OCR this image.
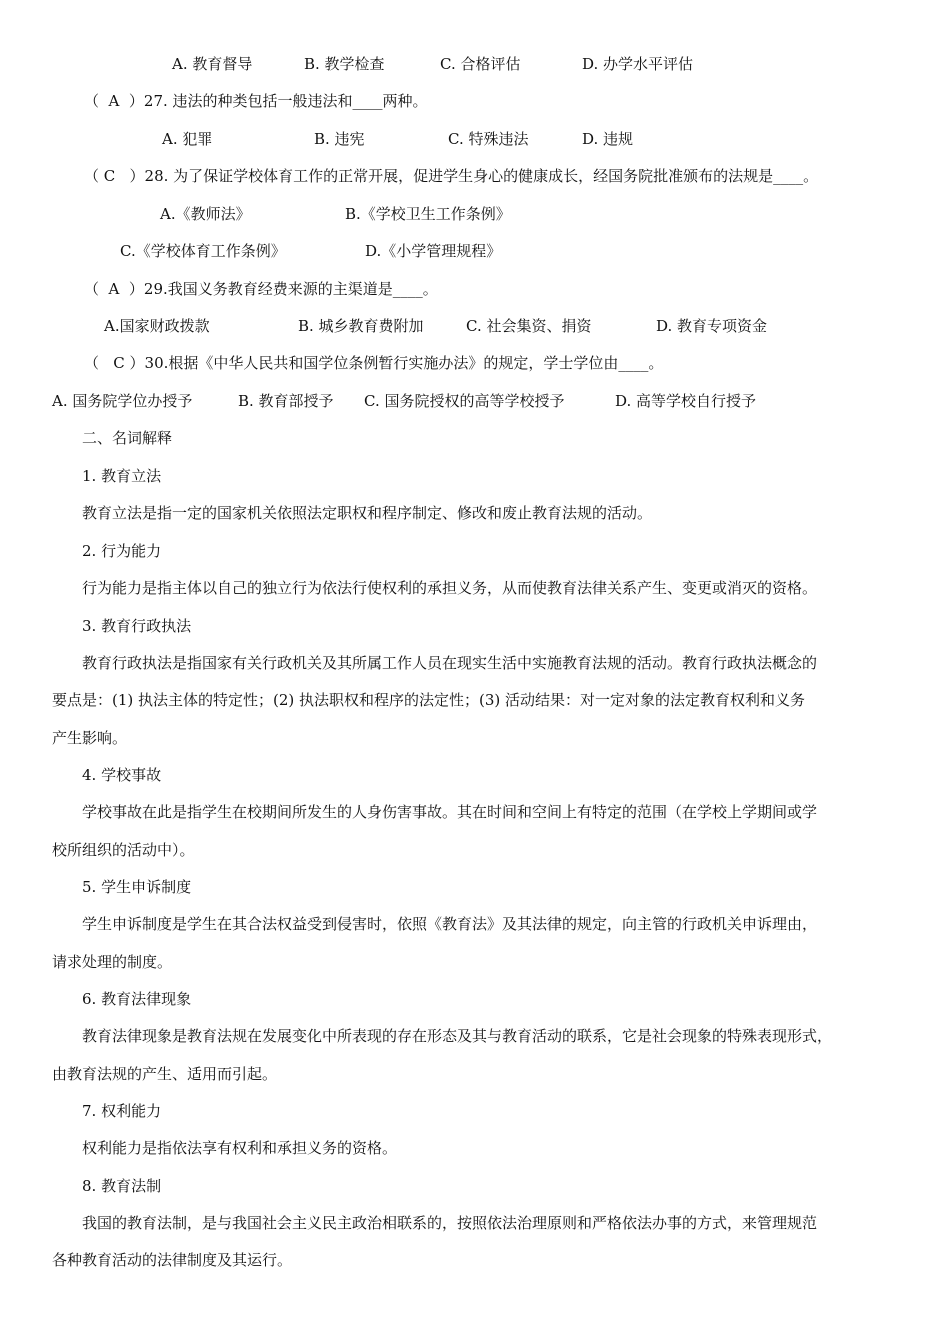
A. 教育督导	B. 教学检查	C. 合格评估	D. 办学水平评估
（  A  ）27. 违法的种类包括一般违法和____两种。
A. 犯罪	B. 违宪	C. 特殊违法	D. 违规
（ C   ）28. 为了保证学校体育工作的正常开展，促进学生身心的健康成长，经国务院批准颁布的法规是____。
A.《教师法》	B.《学校卫生工作条例》
C.《学校体育工作条例》	D.《小学管理规程》
（  A  ）29.我国义务教育经费来源的主渠道是____。
A.国家财政拨款	B. 城乡教育费附加	C. 社会集资、捐资	D. 教育专项资金
（   C ）30.根据《中华人民共和国学位条例暂行实施办法》的规定，学士学位由____。
A. 国务院学位办授予	B. 教育部授予 C. 国务院授权的高等学校授予	D. 高等学校自行授予
二、名词解释
1. 教育立法
教育立法是指一定的国家机关依照法定职权和程序制定、修改和废止教育法规的活动。
2. 行为能力
行为能力是指主体以自己的独立行为依法行使权利的承担义务，从而使教育法律关系产生、变更或消灭的资格。
3. 教育行政执法
教育行政执法是指国家有关行政机关及其所属工作人员在现实生活中实施教育法规的活动。教育行政执法概念的
要点是：(1) 执法主体的特定性；(2) 执法职权和程序的法定性；(3) 活动结果：对一定对象的法定教育权利和义务
产生影响。
4. 学校事故
学校事故在此是指学生在校期间所发生的人身伤害事故。其在时间和空间上有特定的范围（在学校上学期间或学
校所组织的活动中）。
5. 学生申诉制度
学生申诉制度是学生在其合法权益受到侵害时，依照《教育法》及其法律的规定，向主管的行政机关申诉理由，
请求处理的制度。
6. 教育法律现象
教育法律现象是教育法规在发展变化中所表现的存在形态及其与教育活动的联系，它是社会现象的特殊表现形式，
由教育法规的产生、适用而引起。
7. 权利能力
权利能力是指依法享有权利和承担义务的资格。
8. 教育法制
我国的教育法制，是与我国社会主义民主政治相联系的，按照依法治理原则和严格依法办事的方式，来管理规范
各种教育活动的法律制度及其运行。
